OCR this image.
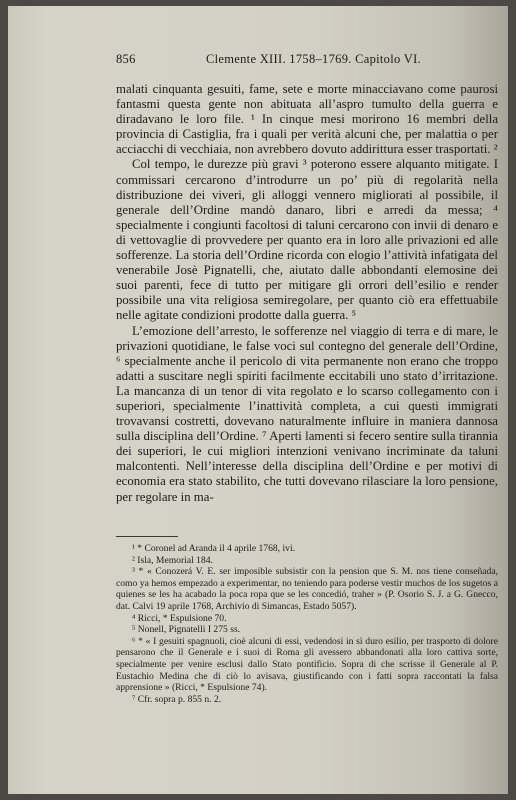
856	Clemente XIII. 1758–1769. Capitolo VI.

malati cinquanta gesuiti, fame, sete e morte minacciavano come paurosi fantasmi questa gente non abituata all’aspro tumulto della guerra e diradavano le loro file. ¹ In cinque mesi morirono 16 membri della provincia di Castiglia, fra i quali per verità alcuni che, per malattia o per acciacchi di vecchiaia, non avrebbero dovuto addirittura esser trasportati. ²

Col tempo, le durezze più gravi ³ poterono essere alquanto mitigate. I commissari cercarono d’introdurre un po’ più di regolarità nella distribuzione dei viveri, gli alloggi vennero migliorati al possibile, il generale dell’Ordine mandò danaro, libri e arredi da messa; ⁴ specialmente i congiunti facoltosi di taluni cercarono con invii di denaro e di vettovaglie di provvedere per quanto era in loro alle privazioni ed alle sofferenze. La storia dell’Ordine ricorda con elogio l’attività infatigata del venerabile Josè Pignatelli, che, aiutato dalle abbondanti elemosine dei suoi parenti, fece di tutto per mitigare gli orrori dell’esilio e render possibile una vita religiosa semiregolare, per quanto ciò era effettuabile nelle agitate condizioni prodotte dalla guerra. ⁵

L’emozione dell’arresto, le sofferenze nel viaggio di terra e di mare, le privazioni quotidiane, le false voci sul contegno del generale dell’Ordine, ⁶ specialmente anche il pericolo di vita permanente non erano che troppo adatti a suscitare negli spiriti facilmente eccitabili uno stato d’irritazione. La mancanza di un tenor di vita regolato e lo scarso collegamento con i superiori, specialmente l’inattività completa, a cui questi immigrati trovavansi costretti, dovevano naturalmente influire in maniera dannosa sulla disciplina dell’Ordine. ⁷ Aperti lamenti si fecero sentire sulla tirannia dei superiori, le cui migliori intenzioni venivano incriminate da taluni malcontenti. Nell’interesse della disciplina dell’Ordine e per motivi di economia era stato stabilito, che tutti dovevano rilasciare la loro pensione, per regolare in ma-

¹ * Coronel ad Aranda il 4 aprile 1768, ivi.

² Isla, Memorial 184.

³ * « Conozerá V. E. ser imposible subsistir con la pension que S. M. nos tiene conseñada, como ya hemos empezado a experimentar, no teniendo para poderse vestir muchos de los sugetos a quienes se les ha acabado la poca ropa que se les concedió, traher » (P. Osorio S. J. a G. Gnecco, dat. Calvi 19 aprile 1768, Archivio di Simancas, Estado 5057).

⁴ Ricci, * Espulsione 70.

⁵ Nonell, Pignatelli I 275 ss.

⁶ * « I gesuiti spagnuoli, cioè alcuni di essi, vedendosi in sì duro esilio, per trasporto di dolore pensarono che il Generale e i suoi di Roma gli avessero abbandonati alla loro cattiva sorte, specialmente per venire esclusi dallo Stato pontificio. Sopra di che scrisse il Generale al P. Eustachio Medina che di ciò lo avisava, giustificando con i fatti sopra raccontati la falsa apprensione » (Ricci, * Espulsione 74).

⁷ Cfr. sopra p. 855 n. 2.
